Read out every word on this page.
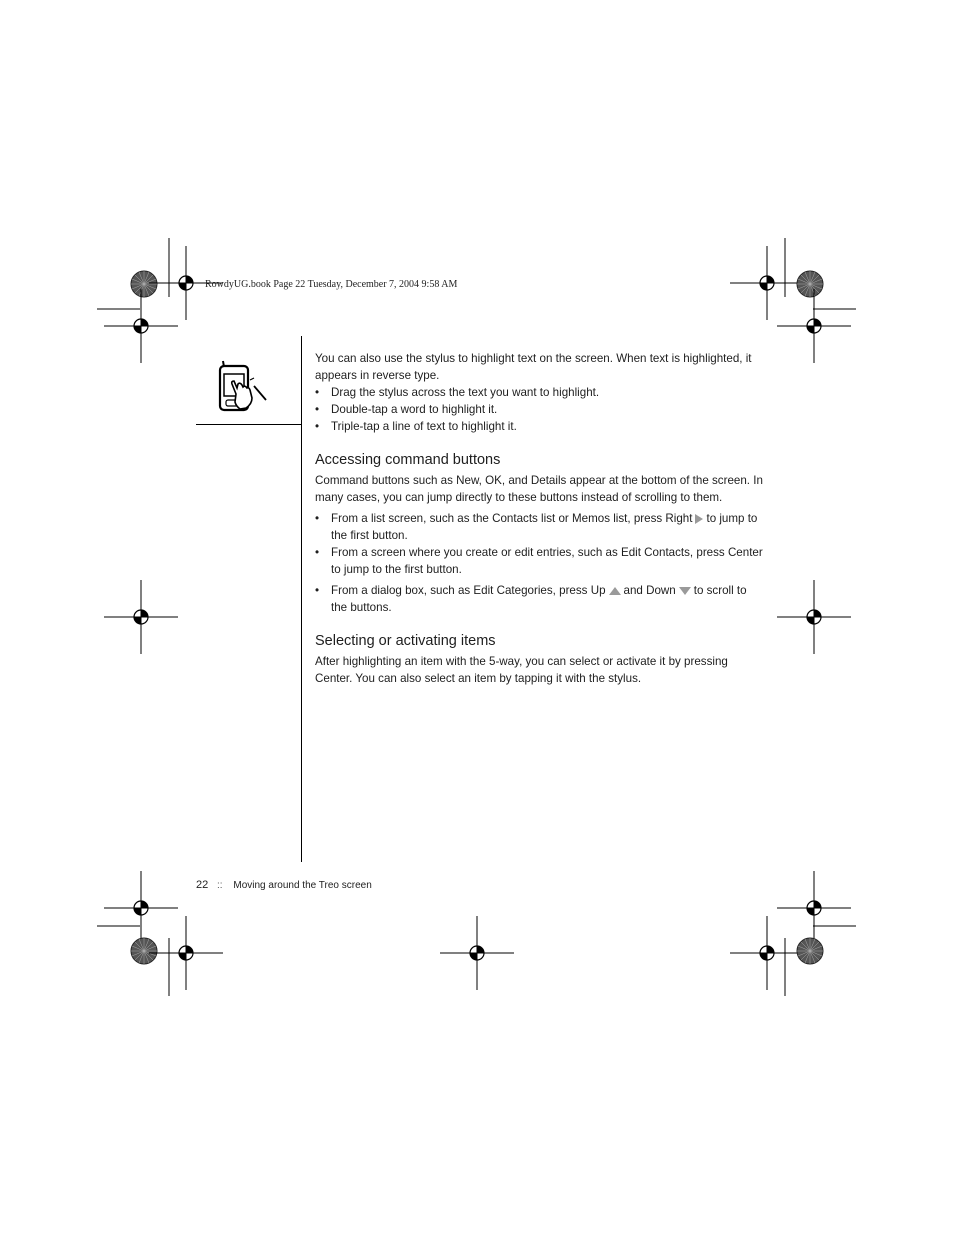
RowdyUG.book Page 22 Tuesday, December 7, 2004 9:58 AM

You can also use the stylus to highlight text on the screen. When text is highlighted, it appears in reverse type.

• Drag the stylus across the text you want to highlight.
• Double-tap a word to highlight it.
• Triple-tap a line of text to highlight it.
Accessing command buttons

Command buttons such as New, OK, and Details appear at the bottom of the screen. In many cases, you can jump directly to these buttons instead of scrolling to them.

• From a list screen, such as the Contacts list or Memos list, press Right to jump to the first button.
• From a screen where you create or edit entries, such as Edit Contacts, press Center to jump to the first button.
• From a dialog box, such as Edit Categories, press Up and Down to scroll to the buttons.
Selecting or activating items

After highlighting an item with the 5-way, you can select or activate it by pressing Center. You can also select an item by tapping it with the stylus.

22 :: Moving around the Treo screen
